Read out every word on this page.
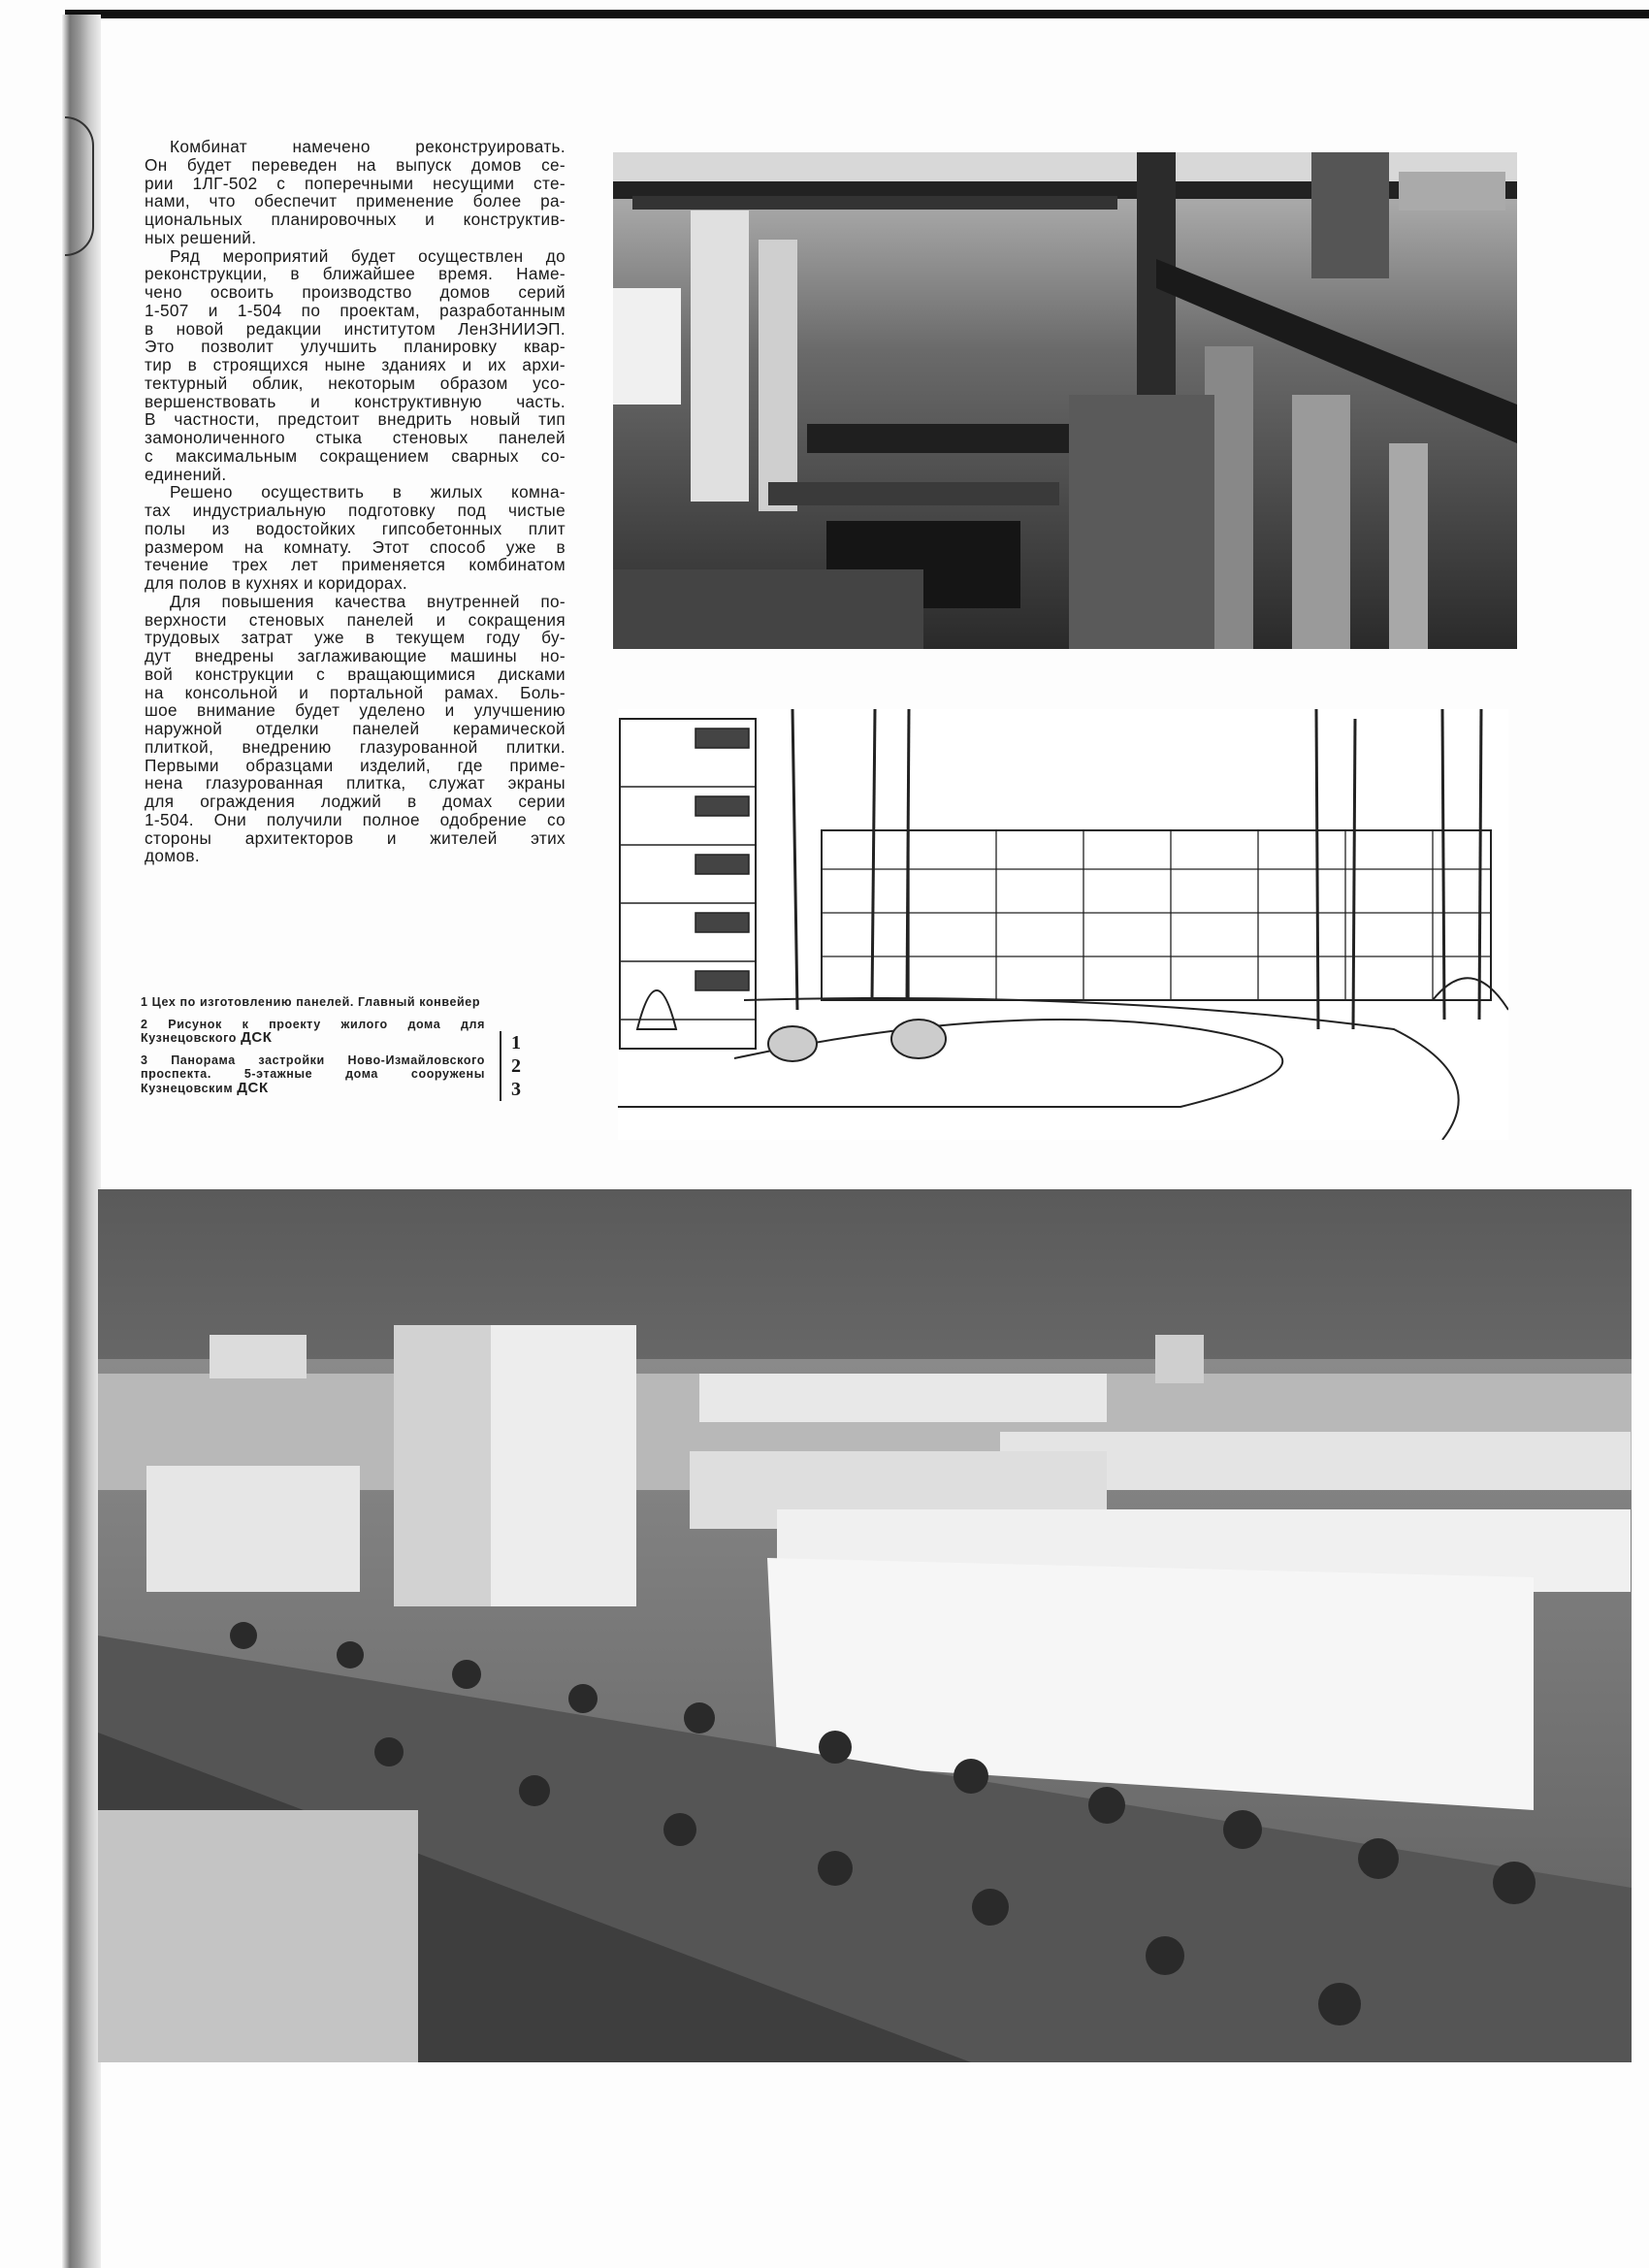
Комбинат намечено реконструировать.
Он будет переведен на выпуск домов се-
рии 1ЛГ-502 с поперечными несущими сте-
нами, что обеспечит применение более ра-
циональных планировочных и конструктив-
ных решений.
Ряд мероприятий будет осуществлен до
реконструкции, в ближайшее время. Наме-
чено освоить производство домов серий
1-507 и 1-504 по проектам, разработанным
в новой редакции институтом ЛенЗНИИЭП.
Это позволит улучшить планировку квар-
тир в строящихся ныне зданиях и их архи-
тектурный облик, некоторым образом усо-
вершенствовать и конструктивную часть.
В частности, предстоит внедрить новый тип
замоноличенного стыка стеновых панелей
с максимальным сокращением сварных со-
единений.
Решено осуществить в жилых комна-
тах индустриальную подготовку под чистые
полы из водостойких гипсобетонных плит
размером на комнату. Этот способ уже в
течение трех лет применяется комбинатом
для полов в кухнях и коридорах.
Для повышения качества внутренней по-
верхности стеновых панелей и сокращения
трудовых затрат уже в текущем году бу-
дут внедрены заглаживающие машины но-
вой конструкции с вращающимися дисками
на консольной и портальной рамах. Боль-
шое внимание будет уделено и улучшению
наружной отделки панелей керамической
плиткой, внедрению глазурованной плитки.
Первыми образцами изделий, где приме-
нена глазурованная плитка, служат экраны
для ограждения лоджий в домах серии
1-504. Они получили полное одобрение со
стороны архитекторов и жителей этих
домов.
1 Цех по изготовлению панелей. Главный конвейер
2 Рисунок к проекту жилого дома для Кузнецовского ДСК
3 Панорама застройки Ново-Измайловского проспекта. 5-этажные дома сооружены Кузнецовским ДСК
1
2
3
